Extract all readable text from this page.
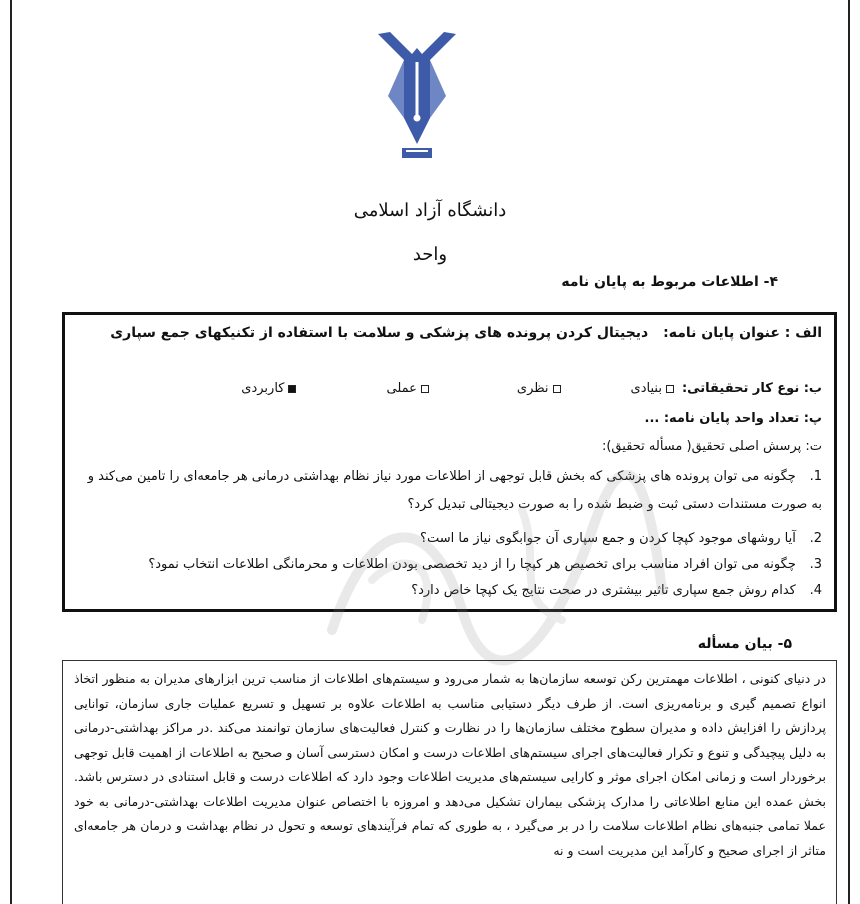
دانشگاه آزاد اسلامی
واحد
۴- اطلاعات مربوط به پایان نامه
الف : عنوان پایان نامه: دیجیتال کردن پرونده های پزشکی و سلامت با استفاده از تکنیکهای جمع سپاری
ب: نوع کار تحقیقاتی:
بنیادی
نظری
عملی
کاربردی
پ: تعداد واحد پایان نامه: ...
ت: پرسش اصلی تحقیق( مسأله تحقیق):
1. چگونه می توان پرونده های پزشکی که بخش قابل توجهی از اطلاعات مورد نیاز نظام بهداشتی درمانی هر جامعه‌ای را تامین می‌کند و به صورت مستندات دستی ثبت و ضبط شده را به صورت دیجیتالی تبدیل کرد؟
2. آیا روشهای موجود کپچا کردن و جمع سپاری آن جوابگوی نیاز ما است؟
3. چگونه می توان افراد مناسب برای تخصیص هر کپچا را از دید تخصصی بودن اطلاعات و محرمانگی اطلاعات انتخاب نمود؟
4. کدام روش جمع سپاری تاثیر بیشتری در صحت نتایج یک کپچا خاص دارد؟
۵- بیان مسأله
در دنیای کنونی ، اطلاعات مهمترین رکن توسعه سازمان‌ها به شمار می‌رود و سیستم‌های اطلاعات از مناسب ترین ابزارهای مدیران به منظور اتخاذ انواع تصمیم گیری و برنامه‌ریزی است. از طرف دیگر دستیابی مناسب به اطلاعات علاوه بر تسهیل و تسریع عملیات جاری سازمان، توانایی پردازش را افزایش داده و مدیران سطوح مختلف سازمان‌ها را در نظارت و کنترل فعالیت‌های سازمان توانمند می‌کند .در مراکز بهداشتی-درمانی به دلیل پیچیدگی و تنوع و تکرار فعالیت‌های اجرای سیستم‌های اطلاعات درست و امکان دسترسی آسان و صحیح به اطلاعات از اهمیت قابل توجهی برخوردار است و زمانی امکان اجرای موثر و کارایی سیستم‌های مدیریت اطلاعات وجود دارد که اطلاعات درست و قابل استنادی در دسترس باشد. بخش عمده این منابع اطلاعاتی را مدارک پزشکی بیماران تشکیل می‌دهد و امروزه با اختصاص عنوان مدیریت اطلاعات بهداشتی-درمانی به خود عملا تمامی جنبه‌های نظام اطلاعات سلامت را در بر می‌گیرد ، به طوری که تمام فرآیندهای توسعه و تحول در نظام بهداشت و درمان هر جامعه‌ای متاثر از اجرای صحیح و کارآمد این مدیریت است و نه
